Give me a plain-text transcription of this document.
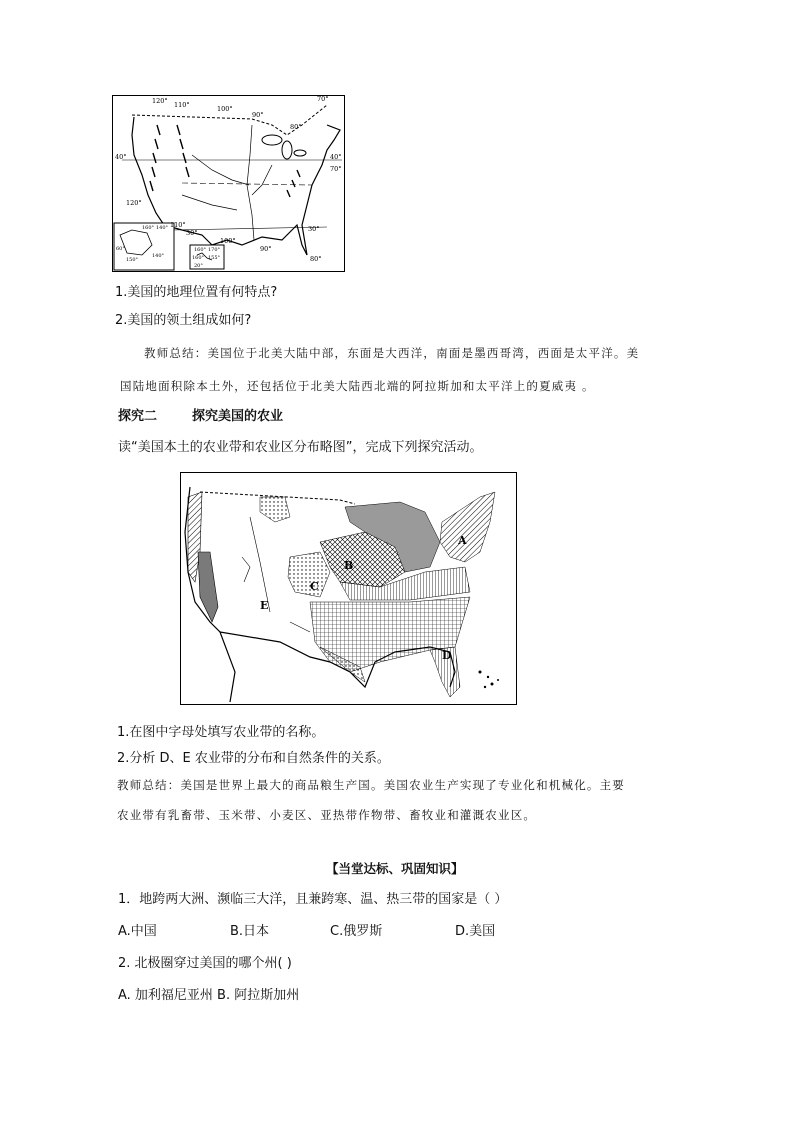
120° 110°	100°
90°
80°
70°
40°	40°
70°
120°
110°
30°
100°
90°
30°
80°
160° 140°
60°
150°
140°
160° 170°
160° 155°
20°
1.美国的地理位置有何特点?
2.美国的领土组成如何?
教师总结：美国位于北美大陆中部，东面是大西洋，南面是墨西哥湾，西面是太平洋。美
国陆地面积除本土外，还包括位于北美大陆西北端的阿拉斯加和太平洋上的夏威夷 。
探究二	探究美国的农业
读“美国本土的农业带和农业区分布略图”，完成下列探究活动。
A
B
C
D
E
1.在图中字母处填写农业带的名称。
2.分析 D、E 农业带的分布和自然条件的关系。
教师总结：美国是世界上最大的商品粮生产国。美国农业生产实现了专业化和机械化。主要
农业带有乳畜带、玉米带、小麦区、亚热带作物带、畜牧业和灌溉农业区。
【当堂达标、巩固知识】
1．地跨两大洲、濒临三大洋，且兼跨寒、温、热三带的国家是（ ）
A.中国	B.日本	C.俄罗斯	D.美国
2. 北极圈穿过美国的哪个州( )
A. 加利福尼亚州 B. 阿拉斯加州
